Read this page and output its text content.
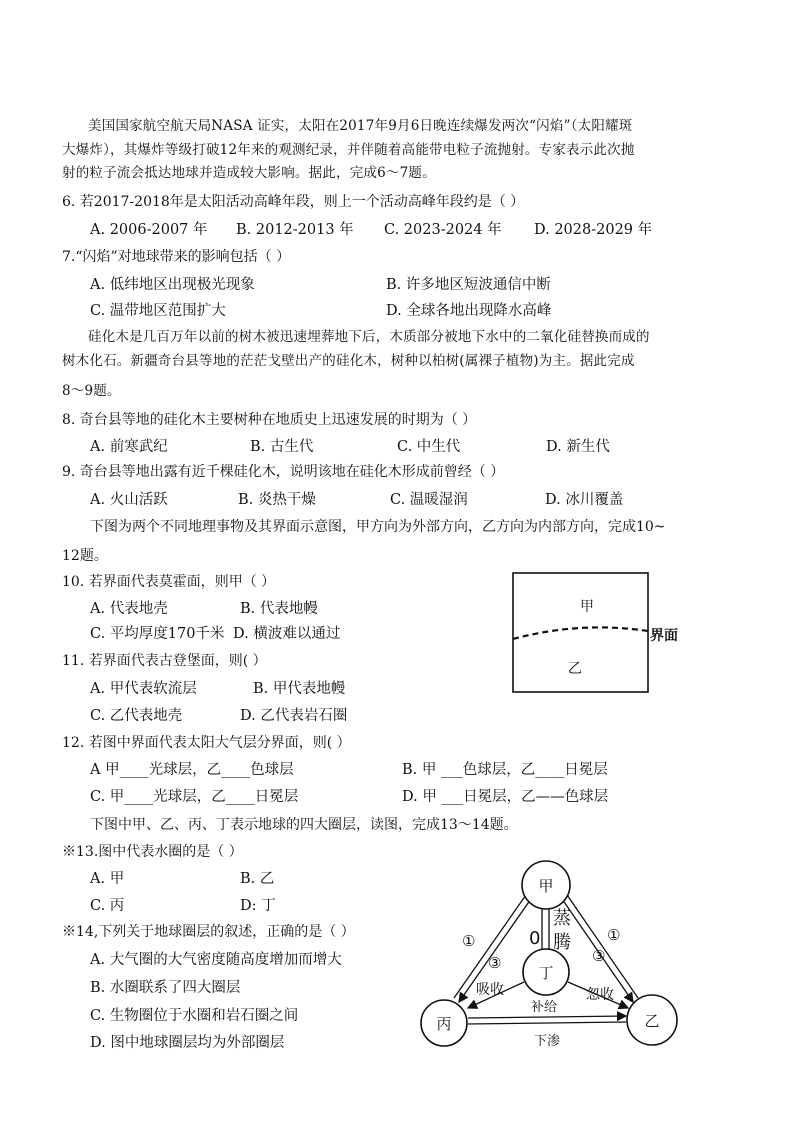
美国国家航空航天局NASA 证实，太阳在2017年9月6日晚连续爆发两次“闪焰”（太阳耀斑
大爆炸），其爆炸等级打破12年来的观测纪录，并伴随着高能带电粒子流抛射。专家表示此次抛
射的粒子流会抵达地球并造成较大影响。据此，完成6～7题。
6. 若2017-2018年是太阳活动高峰年段，则上一个活动高峰年段约是（ ）
A. 2006-2007 年 B. 2012-2013 年 C. 2023-2024 年 D. 2028-2029 年
7.“闪焰”对地球带来的影响包括（ ）
A. 低纬地区出现极光现象	B. 许多地区短波通信中断
C. 温带地区范围扩大	D. 全球各地出现降水高峰
硅化木是几百万年以前的树木被迅速埋葬地下后，木质部分被地下水中的二氧化硅替换而成的
树木化石。新疆奇台县等地的茫茫戈壁出产的硅化木，树种以柏树(属裸子植物)为主。据此完成
8～9题。
8. 奇台县等地的硅化木主要树种在地质史上迅速发展的时期为（ ）
A. 前寒武纪	B. 古生代	C. 中生代	D. 新生代
9. 奇台县等地出露有近千棵硅化木，说明该地在硅化木形成前曾经（ ）
A. 火山活跃	B. 炎热干燥	C. 温暖湿润	D. 冰川覆盖
下图为两个不同地理事物及其界面示意图，甲方向为外部方向，乙方向为内部方向，完成10~
12题。
10. 若界面代表莫霍面，则甲（ ）
A. 代表地壳	B. 代表地幔
C. 平均厚度170千米 D. 横波难以通过
11. 若界面代表古登堡面，则( ）
A. 甲代表软流层	B. 甲代表地幔
C. 乙代表地壳	D. 乙代表岩石圈
12. 若图中界面代表太阳大气层分界面，则( ）
A 甲____光球层，乙____色球层	B. 甲 ___色球层，乙____日冕层
C. 甲____光球层，乙____日冕层	D. 甲 ___日冕层，乙——色球层
下图中甲、乙、丙、丁表示地球的四大圈层，读图，完成13～14题。
※13.图中代表水圈的是（ ）
A. 甲	B. 乙
C. 丙	D: 丁
※14,下列关于地球圈层的叙述，正确的是（ ）
A. 大气圈的大气密度随高度增加而增大
B. 水圈联系了四大圈层
C. 生物圈位于水圈和岩石圈之间
D. 图中地球圈层均为外部圈层
甲
乙
界面
甲
丁
丙	乙
蒸
腾
0
吸收	忽收
补给
下渗
①	①
③	③
